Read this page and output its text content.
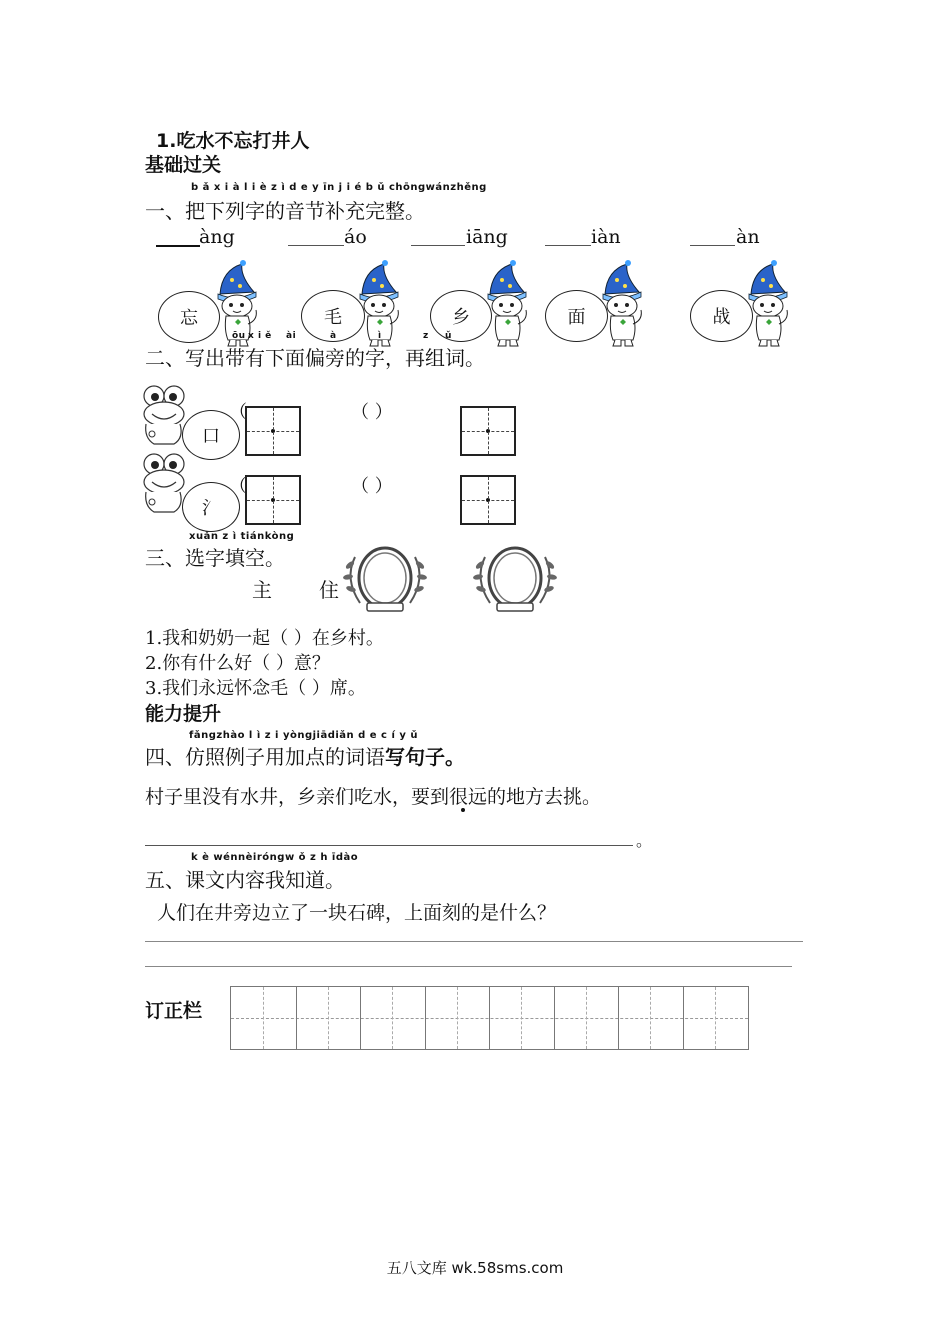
1.吃水不忘打井人
基础过关
b ǎ x i à l i è z ì d e y īn j i é b ǔ chōngwánzhěng
一、把下列字的音节补充完整。
àng	áo	iāng	iàn	àn
忘	毛	乡	面	战
ōu x i ě ài	à	ì	z ǔ
二、写出带有下面偏旁的字，再组词。
口
氵
（
（
（ ）
（ ）
xuǎn z ì tiánkòng
三、选字填空。
主 住
1.我和奶奶一起（ ）在乡村。
2.你有什么好（ ）意？
3.我们永远怀念毛（ ）席。
能力提升
fǎngzhào l ì z i yòngjiādiǎn d e c í y ǔ
四、仿照例子用加点的词语写句子。
村子里没有水井，乡亲们吃水，要到很远的地方去挑。
。
k è wénnèiróngw ǒ z h īdào
五、课文内容我知道。
人们在井旁边立了一块石碑，上面刻的是什么？
订正栏
五八文库 wk.58sms.com
